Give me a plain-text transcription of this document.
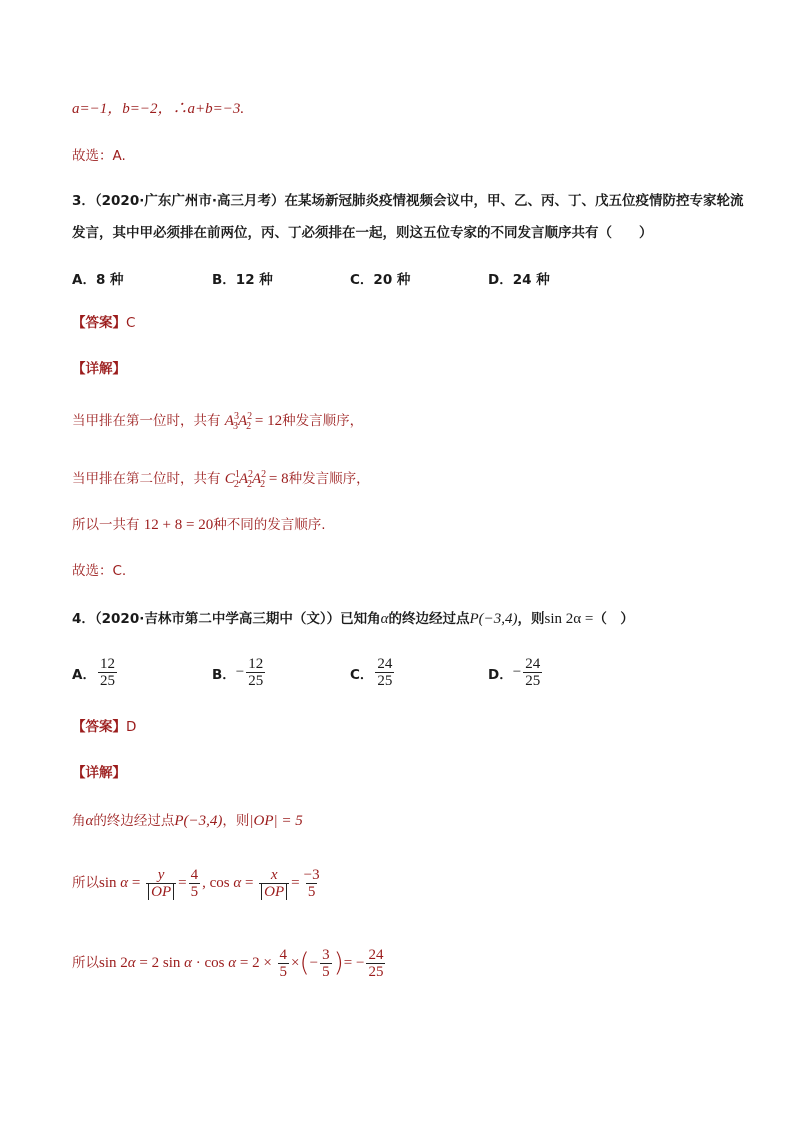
a=−1，b=−2，∴a+b=−3.
故选：A.
3．（2020·广东广州市·高三月考）在某场新冠肺炎疫情视频会议中，甲、乙、丙、丁、戊五位疫情防控专家轮流
发言，其中甲必须排在前两位，丙、丁必须排在一起，则这五位专家的不同发言顺序共有（　　）
A． 8 种	B． 12 种	C． 20 种	D． 24 种
【答案】C
【详解】
当甲排在第一位时，共有 $A^3_3A^2_2 = 12$种发言顺序，
当甲排在第二位时，共有 $C^1_2A^2_2A^2_2 = 8$种发言顺序，
所以一共有 12 + 8 = 20种不同的发言顺序.
故选：C.
4．（2020·吉林市第二中学高三期中（文））已知角α的终边经过点P(−3,4)，则sin 2α =（　）
A． $\frac{12}{25}$	B． − $\frac{12}{25}$	C． $\frac{24}{25}$	D． − $\frac{24}{25}$
【答案】D
【详解】
角α的终边经过点P(−3,4)，则|OP| = 5
所以$\sin \alpha = \frac{y}{OP} = \frac{4}{5}$ , $\cos \alpha = \frac{x}{OP} = \frac{-3}{5}$
所以sin 2α = 2 $\sin \alpha \cdot \cos \alpha = 2 \times \frac{4}{5}$ ×(− $\frac{3}{5}$ )= − $\frac{24}{25}$
